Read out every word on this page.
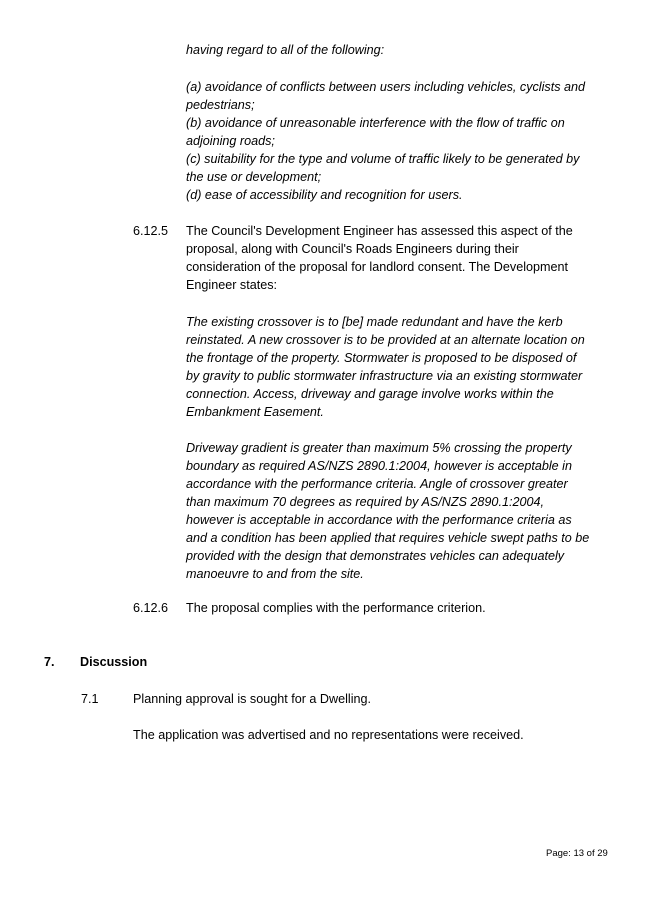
having regard to all of the following:
(a) avoidance of conflicts between users including vehicles, cyclists and
pedestrians;
(b) avoidance of unreasonable interference with the flow of traffic on
adjoining roads;
(c) suitability for the type and volume of traffic likely to be generated by
the use or development;
(d) ease of accessibility and recognition for users.
6.12.5 The Council's Development Engineer has assessed this aspect of the
proposal, along with Council's Roads Engineers during their
consideration of the proposal for landlord consent. The Development
Engineer states:
The existing crossover is to [be] made redundant and have the kerb
reinstated. A new crossover is to be provided at an alternate location on
the frontage of the property. Stormwater is proposed to be disposed of
by gravity to public stormwater infrastructure via an existing stormwater
connection. Access, driveway and garage involve works within the
Embankment Easement.
Driveway gradient is greater than maximum 5% crossing the property
boundary as required AS/NZS 2890.1:2004, however is acceptable in
accordance with the performance criteria. Angle of crossover greater
than maximum 70 degrees as required by AS/NZS 2890.1:2004,
however is acceptable in accordance with the performance criteria as
and a condition has been applied that requires vehicle swept paths to be
provided with the design that demonstrates vehicles can adequately
manoeuvre to and from the site.
6.12.6 The proposal complies with the performance criterion.
7. Discussion
7.1	Planning approval is sought for a Dwelling.
The application was advertised and no representations were received.
Page: 13 of 29
